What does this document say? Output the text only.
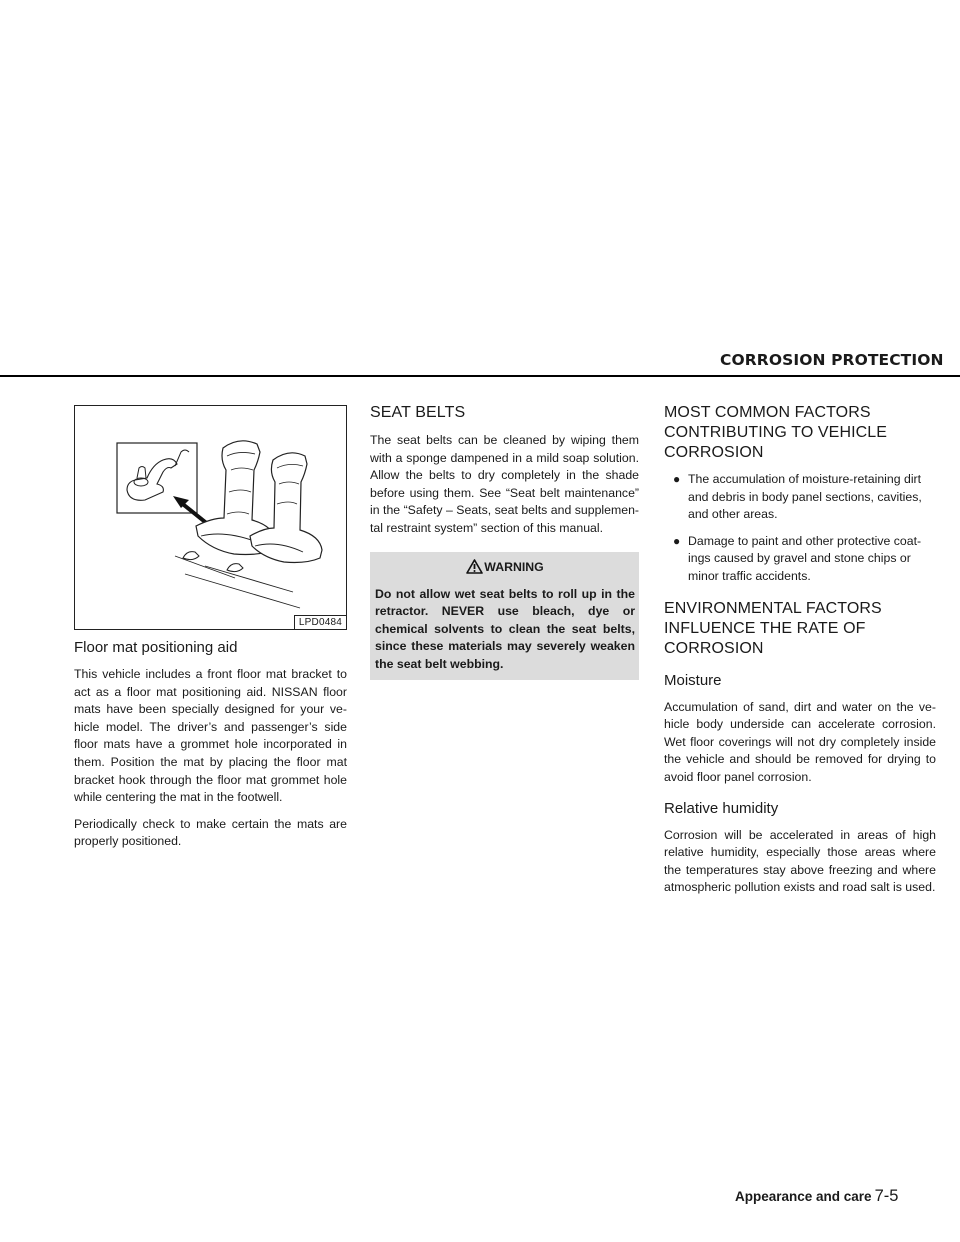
CORROSION PROTECTION
LPD0484
Floor mat positioning aid

This vehicle includes a front floor mat bracket to act as a floor mat positioning aid. NISSAN floor mats have been specially designed for your ve-hicle model. The driver’s and passenger’s side floor mats have a grommet hole incorporated in them. Position the mat by placing the floor mat bracket hook through the floor mat grommet hole while centering the mat in the footwell.

Periodically check to make certain the mats are properly positioned.

SEAT BELTS

The seat belts can be cleaned by wiping them with a sponge dampened in a mild soap solution. Allow the belts to dry completely in the shade before using them. See “Seat belt maintenance” in the “Safety – Seats, seat belts and supplemen-tal restraint system” section of this manual.

WARNING
Do not allow wet seat belts to roll up in the retractor. NEVER use bleach, dye or chemical solvents to clean the seat belts, since these materials may severely weaken the seat belt webbing.
MOST COMMON FACTORS
CONTRIBUTING TO VEHICLE
CORROSION
● The accumulation of moisture-retaining dirt and debris in body panel sections, cavities, and other areas.
● Damage to paint and other protective coat-ings caused by gravel and stone chips or minor traffic accidents.
ENVIRONMENTAL FACTORS
INFLUENCE THE RATE OF
CORROSION
Moisture

Accumulation of sand, dirt and water on the ve-hicle body underside can accelerate corrosion. Wet floor coverings will not dry completely inside the vehicle and should be removed for drying to avoid floor panel corrosion.

Relative humidity

Corrosion will be accelerated in areas of high relative humidity, especially those areas where the temperatures stay above freezing and where atmospheric pollution exists and road salt is used.

Appearance and care 7-5
